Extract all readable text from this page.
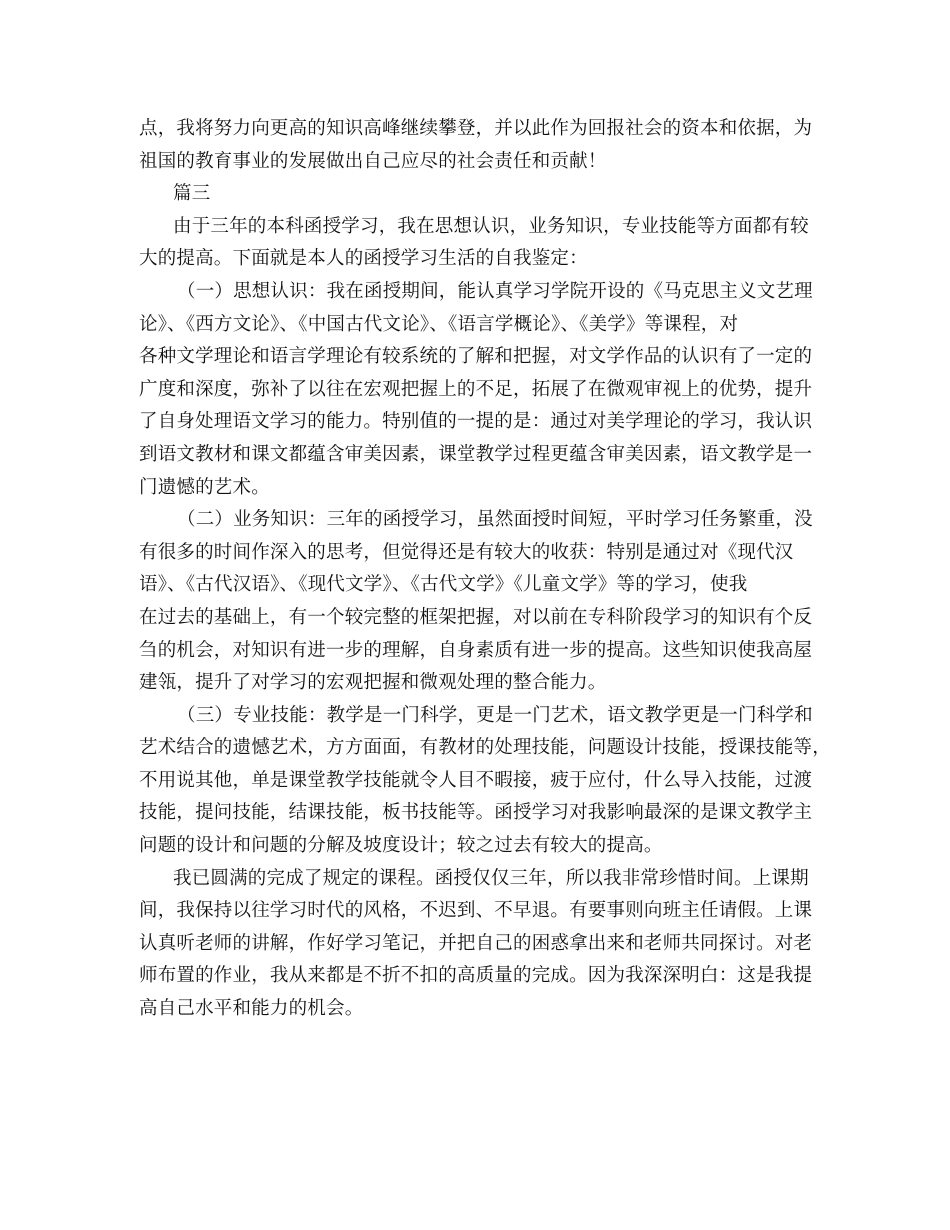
点，我将努力向更高的知识高峰继续攀登，并以此作为回报社会的资本和依据，为
祖国的教育事业的发展做出自己应尽的社会责任和贡献！
篇三
由于三年的本科函授学习，我在思想认识，业务知识，专业技能等方面都有较
大的提高。下面就是本人的函授学习生活的自我鉴定：
（一）思想认识：我在函授期间，能认真学习学院开设的《马克思主义文艺理
论》、《西方文论》、《中国古代文论》、《语言学概论》、《美学》等课程，对
各种文学理论和语言学理论有较系统的了解和把握，对文学作品的认识有了一定的
广度和深度，弥补了以往在宏观把握上的不足，拓展了在微观审视上的优势，提升
了自身处理语文学习的能力。特别值的一提的是：通过对美学理论的学习，我认识
到语文教材和课文都蕴含审美因素，课堂教学过程更蕴含审美因素，语文教学是一
门遗憾的艺术。
（二）业务知识：三年的函授学习，虽然面授时间短，平时学习任务繁重，没
有很多的时间作深入的思考，但觉得还是有较大的收获：特别是通过对《现代汉
语》、《古代汉语》、《现代文学》、《古代文学》《儿童文学》等的学习，使我
在过去的基础上，有一个较完整的框架把握，对以前在专科阶段学习的知识有个反
刍的机会，对知识有进一步的理解，自身素质有进一步的提高。这些知识使我高屋
建瓴，提升了对学习的宏观把握和微观处理的整合能力。
（三）专业技能：教学是一门科学，更是一门艺术，语文教学更是一门科学和
艺术结合的遗憾艺术，方方面面，有教材的处理技能，问题设计技能，授课技能等，
不用说其他，单是课堂教学技能就令人目不暇接，疲于应付，什么导入技能，过渡
技能，提问技能，结课技能，板书技能等。函授学习对我影响最深的是课文教学主
问题的设计和问题的分解及坡度设计；较之过去有较大的提高。
我已圆满的完成了规定的课程。函授仅仅三年，所以我非常珍惜时间。上课期
间，我保持以往学习时代的风格，不迟到、不早退。有要事则向班主任请假。上课
认真听老师的讲解，作好学习笔记，并把自己的困惑拿出来和老师共同探讨。对老
师布置的作业，我从来都是不折不扣的高质量的完成。因为我深深明白：这是我提
高自己水平和能力的机会。
